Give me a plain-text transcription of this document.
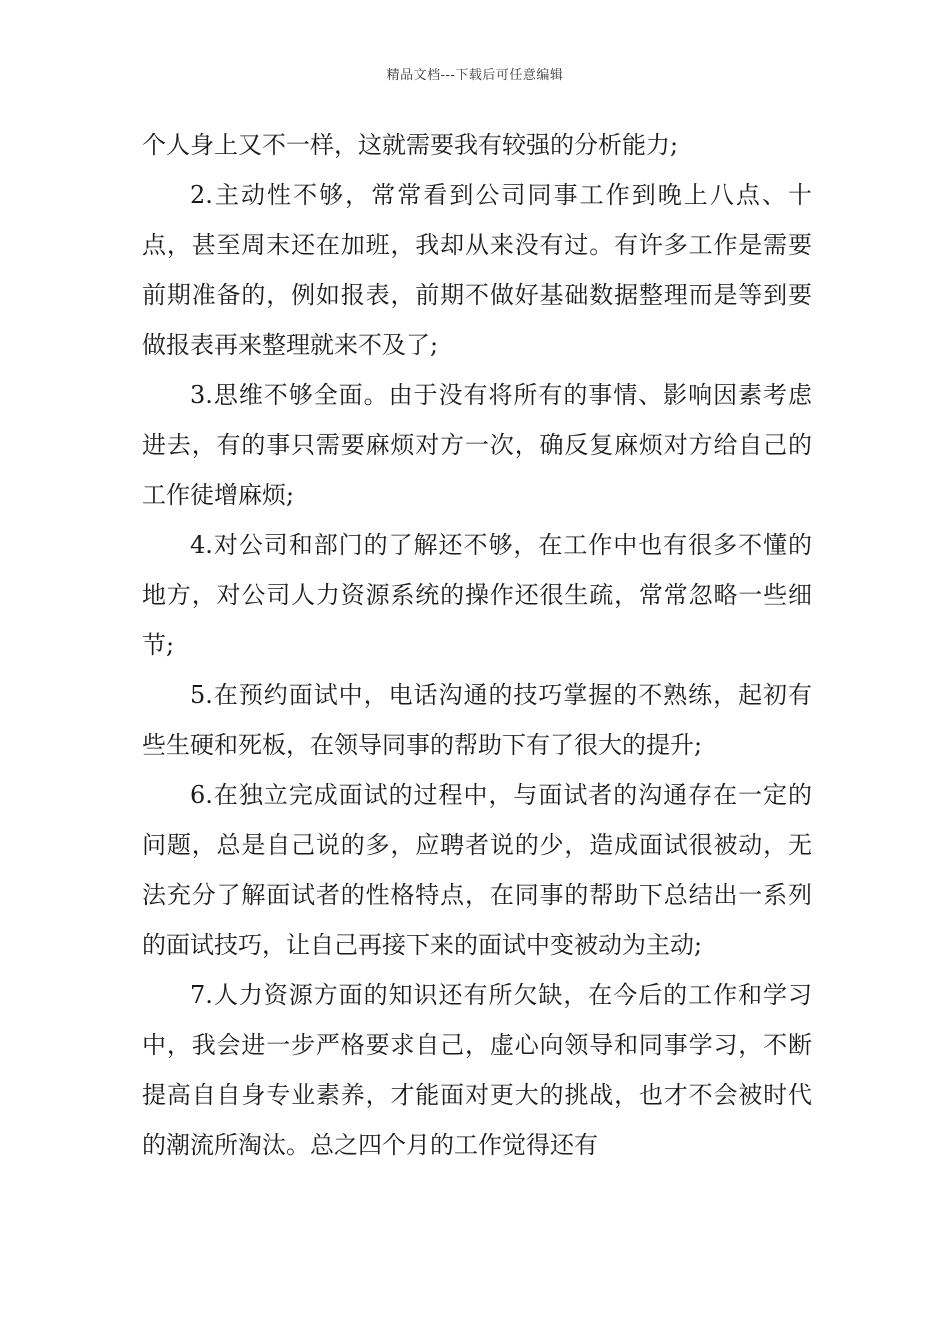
精品文档---下载后可任意编辑

个人身上又不一样，这就需要我有较强的分析能力;

2.主动性不够，常常看到公司同事工作到晚上八点、十点，甚至周末还在加班，我却从来没有过。有许多工作是需要前期准备的，例如报表，前期不做好基础数据整理而是等到要做报表再来整理就来不及了;

3.思维不够全面。由于没有将所有的事情、影响因素考虑进去，有的事只需要麻烦对方一次，确反复麻烦对方给自己的工作徒增麻烦;

4.对公司和部门的了解还不够，在工作中也有很多不懂的地方，对公司人力资源系统的操作还很生疏，常常忽略一些细节;

5.在预约面试中，电话沟通的技巧掌握的不熟练，起初有些生硬和死板，在领导同事的帮助下有了很大的提升;

6.在独立完成面试的过程中，与面试者的沟通存在一定的问题，总是自己说的多，应聘者说的少，造成面试很被动，无法充分了解面试者的性格特点，在同事的帮助下总结出一系列的面试技巧，让自己再接下来的面试中变被动为主动;

7.人力资源方面的知识还有所欠缺，在今后的工作和学习中，我会进一步严格要求自己，虚心向领导和同事学习，不断提高自自身专业素养，才能面对更大的挑战，也才不会被时代的潮流所淘汰。总之四个月的工作觉得还有
